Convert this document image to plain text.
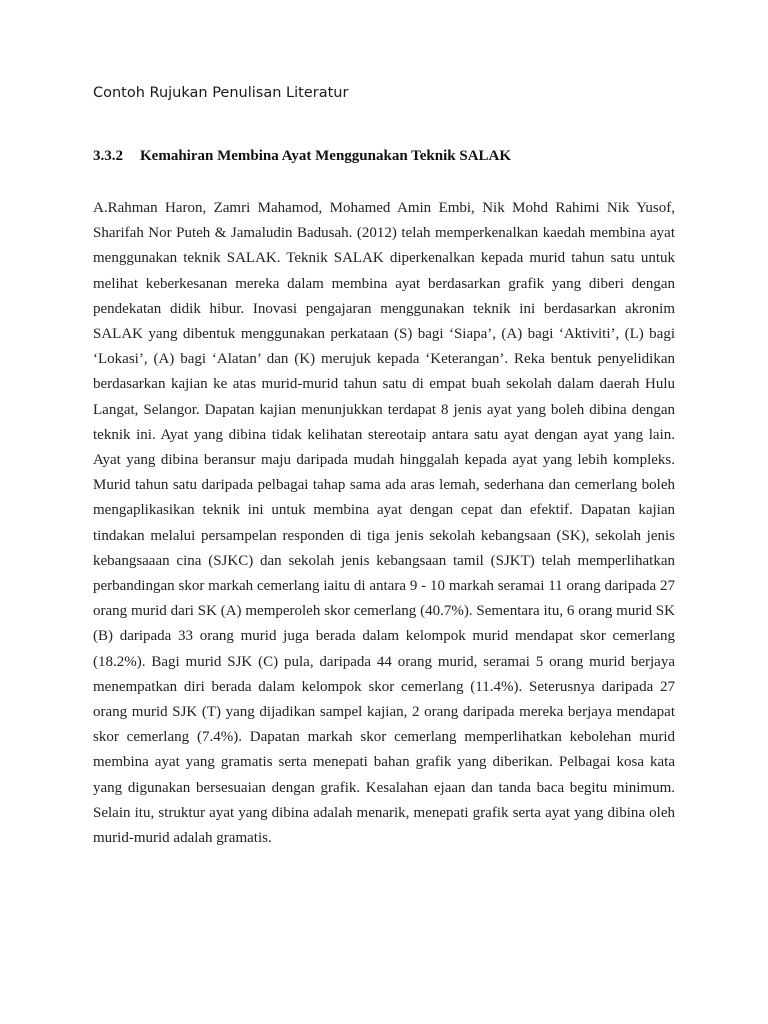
Contoh Rujukan Penulisan Literatur

3.3.2 Kemahiran Membina Ayat Menggunakan Teknik SALAK

A.Rahman Haron, Zamri Mahamod, Mohamed Amin Embi, Nik Mohd Rahimi Nik Yusof, Sharifah Nor Puteh & Jamaludin Badusah. (2012) telah memperkenalkan kaedah membina ayat menggunakan teknik SALAK. Teknik SALAK diperkenalkan kepada murid tahun satu untuk melihat keberkesanan mereka dalam membina ayat berdasarkan grafik yang diberi dengan pendekatan didik hibur. Inovasi pengajaran menggunakan teknik ini berdasarkan akronim SALAK yang dibentuk menggunakan perkataan (S) bagi ‘Siapa’, (A) bagi ‘Aktiviti’, (L) bagi ‘Lokasi’, (A) bagi ‘Alatan’ dan (K) merujuk kepada ‘Keterangan’. Reka bentuk penyelidikan berdasarkan kajian ke atas murid-murid tahun satu di empat buah sekolah dalam daerah Hulu Langat, Selangor. Dapatan kajian menunjukkan terdapat 8 jenis ayat yang boleh dibina dengan teknik ini. Ayat yang dibina tidak kelihatan stereotaip antara satu ayat dengan ayat yang lain. Ayat yang dibina beransur maju daripada mudah hinggalah kepada ayat yang lebih kompleks. Murid tahun satu daripada pelbagai tahap sama ada aras lemah, sederhana dan cemerlang boleh mengaplikasikan teknik ini untuk membina ayat dengan cepat dan efektif. Dapatan kajian tindakan melalui persampelan responden di tiga jenis sekolah kebangsaan (SK), sekolah jenis kebangsaaan cina (SJKC) dan sekolah jenis kebangsaan tamil (SJKT) telah memperlihatkan perbandingan skor markah cemerlang iaitu di antara 9 - 10 markah seramai 11 orang daripada 27 orang murid dari SK (A) memperoleh skor cemerlang (40.7%). Sementara itu, 6 orang murid SK (B) daripada 33 orang murid juga berada dalam kelompok murid mendapat skor cemerlang (18.2%). Bagi murid SJK (C) pula, daripada 44 orang murid, seramai 5 orang murid berjaya menempatkan diri berada dalam kelompok skor cemerlang (11.4%). Seterusnya daripada 27 orang murid SJK (T) yang dijadikan sampel kajian, 2 orang daripada mereka berjaya mendapat skor cemerlang (7.4%). Dapatan markah skor cemerlang memperlihatkan kebolehan murid membina ayat yang gramatis serta menepati bahan grafik yang diberikan. Pelbagai kosa kata yang digunakan bersesuaian dengan grafik. Kesalahan ejaan dan tanda baca begitu minimum. Selain itu, struktur ayat yang dibina adalah menarik, menepati grafik serta ayat yang dibina oleh murid-murid adalah gramatis.
